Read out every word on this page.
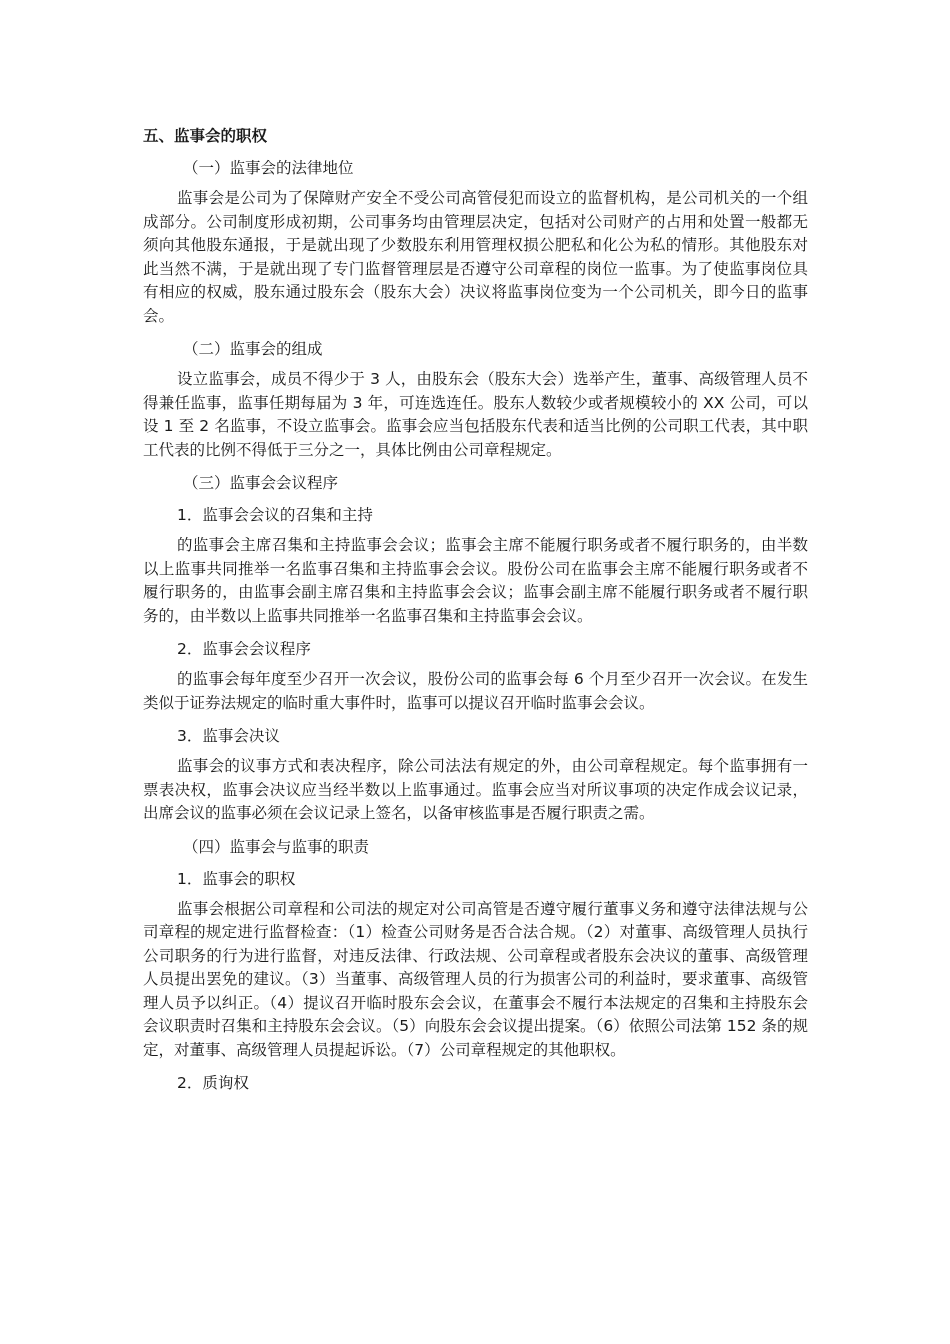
五、监事会的职权
（一）监事会的法律地位
监事会是公司为了保障财产安全不受公司高管侵犯而设立的监督机构，是公司机关的一个组成部分。公司制度形成初期，公司事务均由管理层决定，包括对公司财产的占用和处置一般都无须向其他股东通报，于是就出现了少数股东利用管理权损公肥私和化公为私的情形。其他股东对此当然不满，于是就出现了专门监督管理层是否遵守公司章程的岗位一监事。为了使监事岗位具有相应的权威，股东通过股东会（股东大会）决议将监事岗位变为一个公司机关，即今日的监事会。
（二）监事会的组成
设立监事会，成员不得少于 3 人，由股东会（股东大会）选举产生，董事、高级管理人员不得兼任监事，监事任期每届为 3 年，可连选连任。股东人数较少或者规模较小的 XX 公司，可以设 1 至 2 名监事，不设立监事会。监事会应当包括股东代表和适当比例的公司职工代表，其中职工代表的比例不得低于三分之一，具体比例由公司章程规定。
（三）监事会会议程序
1．监事会会议的召集和主持
的监事会主席召集和主持监事会会议；监事会主席不能履行职务或者不履行职务的，由半数以上监事共同推举一名监事召集和主持监事会会议。股份公司在监事会主席不能履行职务或者不履行职务的，由监事会副主席召集和主持监事会会议；监事会副主席不能履行职务或者不履行职务的，由半数以上监事共同推举一名监事召集和主持监事会会议。
2．监事会会议程序
的监事会每年度至少召开一次会议，股份公司的监事会每 6 个月至少召开一次会议。在发生类似于证券法规定的临时重大事件时，监事可以提议召开临时监事会会议。
3．监事会决议
监事会的议事方式和表决程序，除公司法法有规定的外，由公司章程规定。每个监事拥有一票表决权，监事会决议应当经半数以上监事通过。监事会应当对所议事项的决定作成会议记录，出席会议的监事必须在会议记录上签名，以备审核监事是否履行职责之需。
（四）监事会与监事的职责
1．监事会的职权
监事会根据公司章程和公司法的规定对公司高管是否遵守履行董事义务和遵守法律法规与公司章程的规定进行监督检查：（1）检查公司财务是否合法合规。（2）对董事、高级管理人员执行公司职务的行为进行监督，对违反法律、行政法规、公司章程或者股东会决议的董事、高级管理人员提出罢免的建议。（3）当董事、高级管理人员的行为损害公司的利益时，要求董事、高级管理人员予以纠正。（4）提议召开临时股东会会议，在董事会不履行本法规定的召集和主持股东会会议职责时召集和主持股东会会议。（5）向股东会会议提出提案。（6）依照公司法第 152 条的规定，对董事、高级管理人员提起诉讼。（7）公司章程规定的其他职权。
2．质询权
